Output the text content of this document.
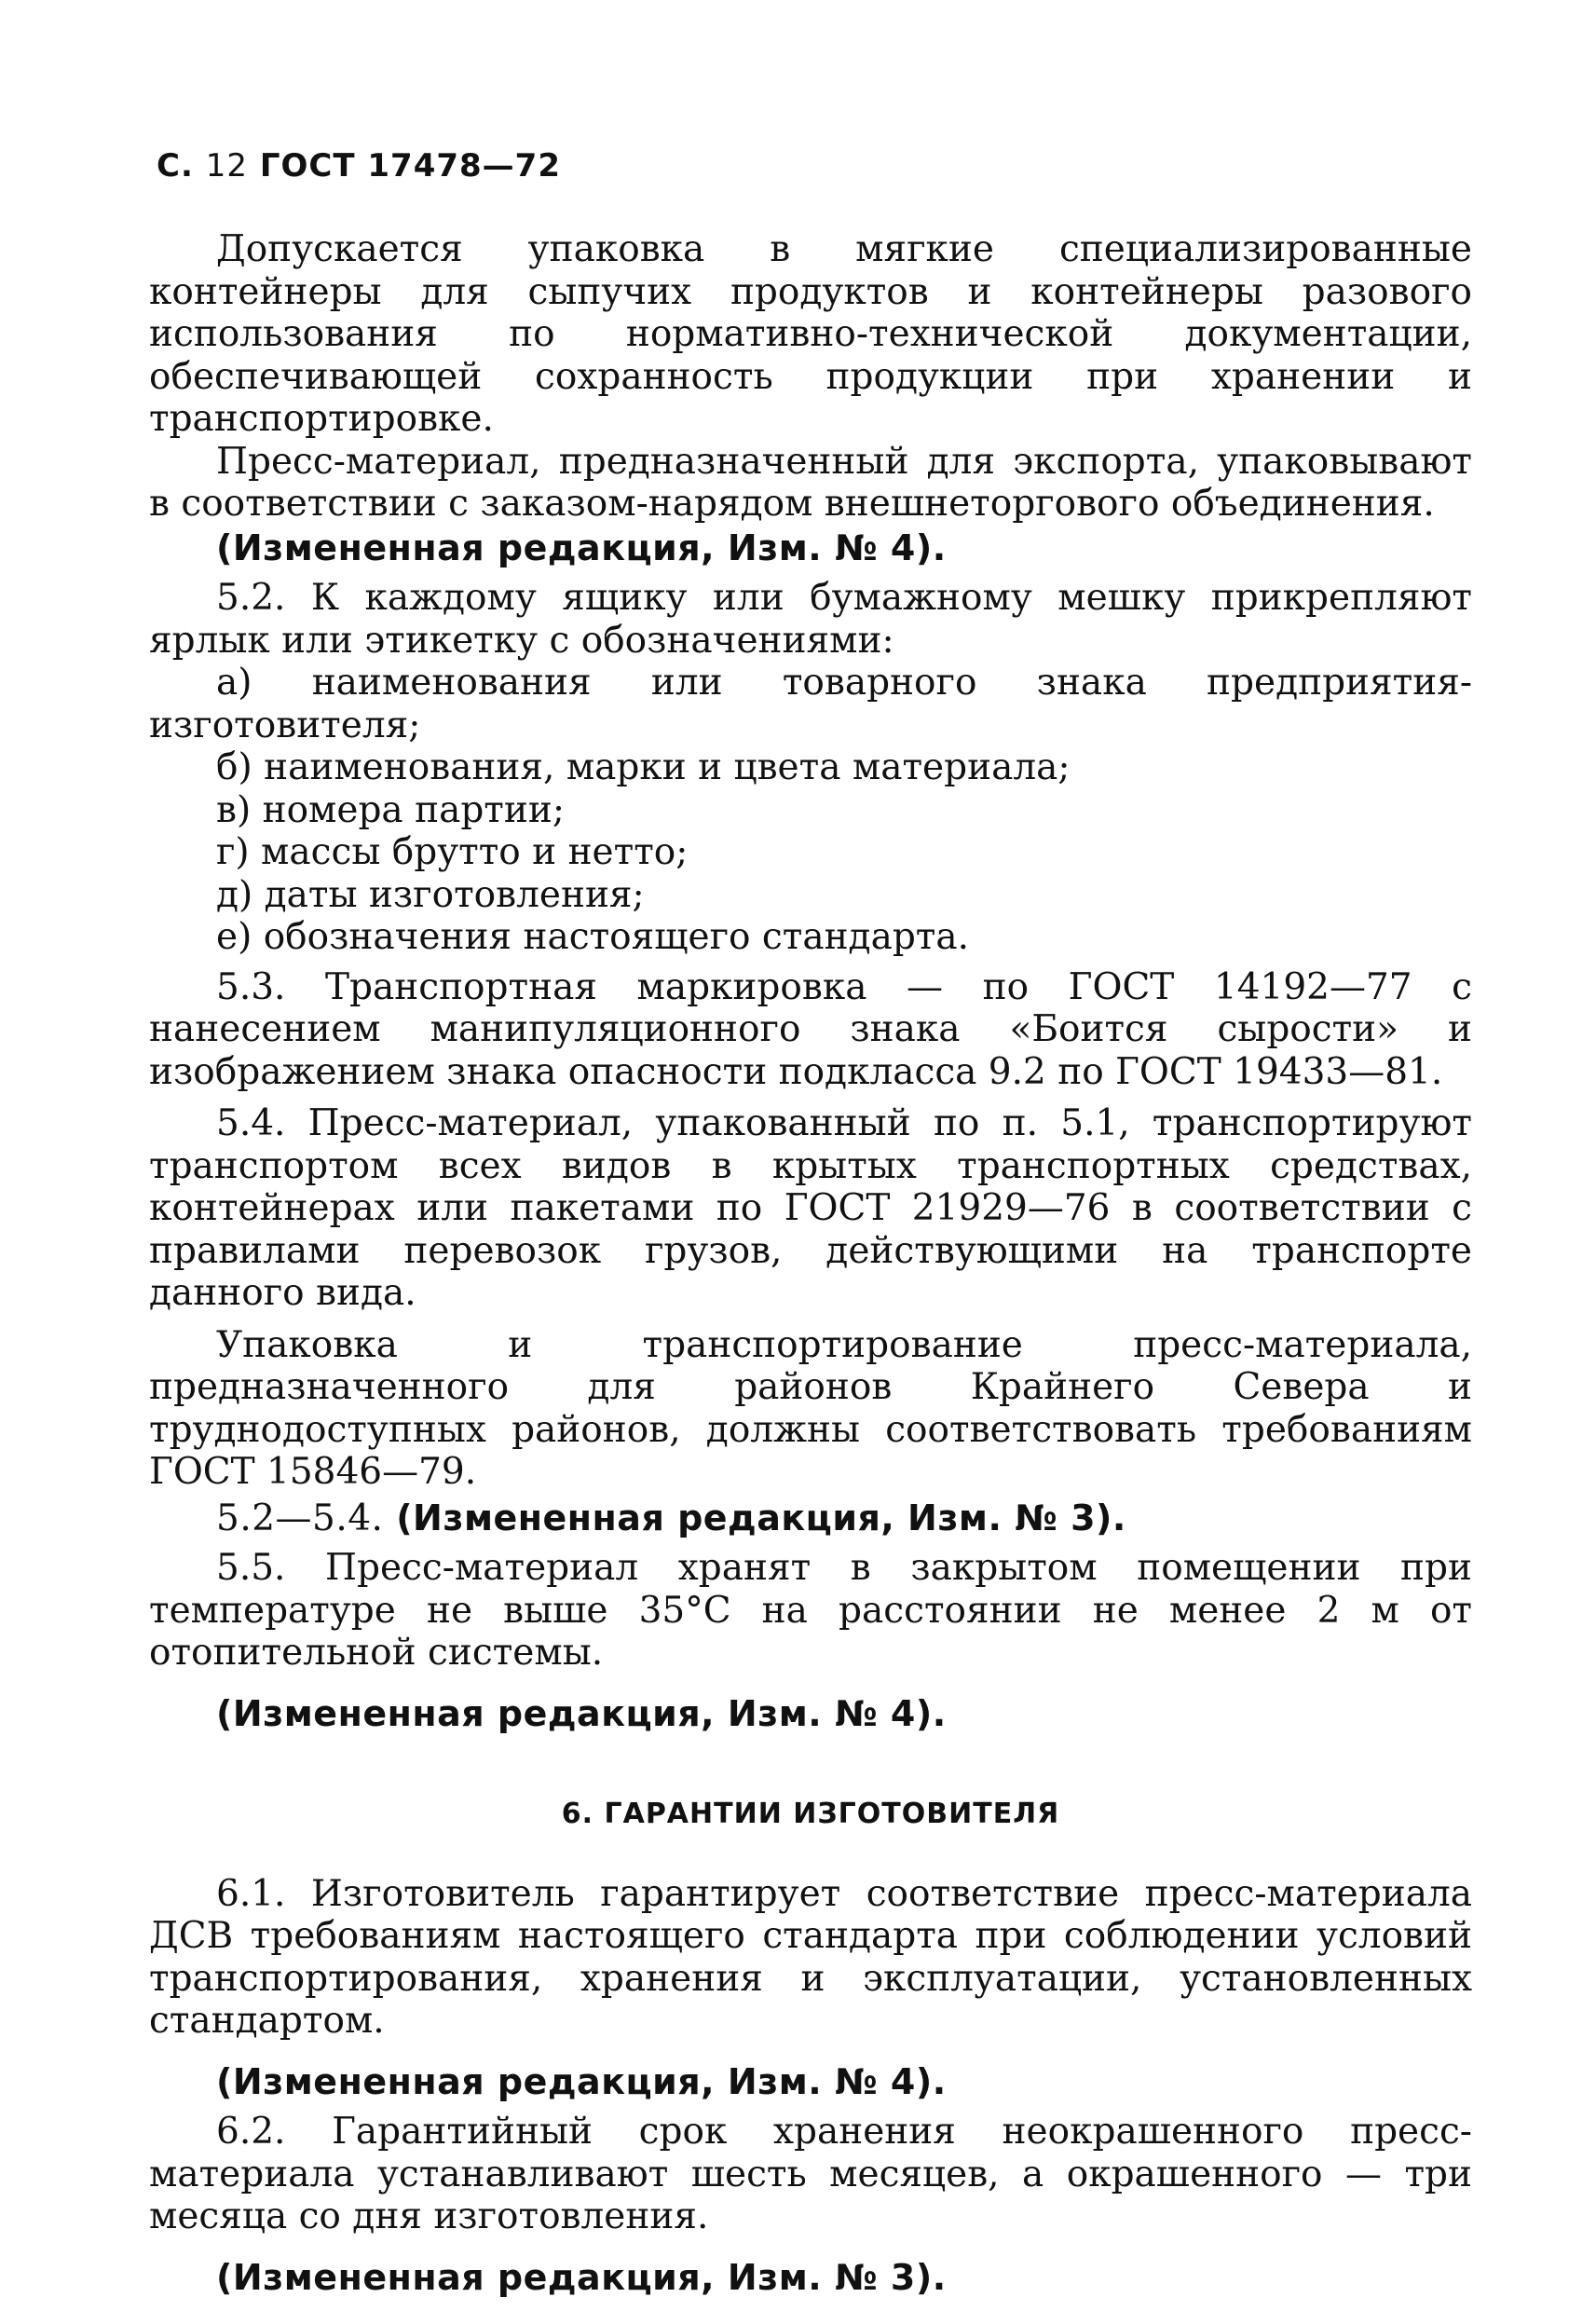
С. 12 ГОСТ 17478—72

Допускается упаковка в мягкие специализированные контейнеры для сыпучих продуктов и контейнеры разового использования по нормативно-технической документации, обеспечивающей сохранность продукции при хранении и транспортировке.

Пресс-материал, предназначенный для экспорта, упаковывают в соответствии с заказом-нарядом внешнеторгового объединения.

(Измененная редакция, Изм. № 4).

5.2. К каждому ящику или бумажному мешку прикрепляют ярлык или этикетку с обозначениями:

а) наименования или товарного знака предприятия-изготовителя;

б) наименования, марки и цвета материала;

в) номера партии;

г) массы брутто и нетто;

д) даты изготовления;

е) обозначения настоящего стандарта.

5.3. Транспортная маркировка — по ГОСТ 14192—77 с нанесением манипуляционного знака «Боится сырости» и изображением знака опасности подкласса 9.2 по ГОСТ 19433—81.

5.4. Пресс-материал, упакованный по п. 5.1, транспортируют транспортом всех видов в крытых транспортных средствах, контейнерах или пакетами по ГОСТ 21929—76 в соответствии с правилами перевозок грузов, действующими на транспорте данного вида.

Упаковка и транспортирование пресс-материала, предназначенного для районов Крайнего Севера и труднодоступных районов, должны соответствовать требованиям ГОСТ 15846—79.

5.2—5.4. (Измененная редакция, Изм. № 3).

5.5. Пресс-материал хранят в закрытом помещении при температуре не выше 35°С на расстоянии не менее 2 м от отопительной системы.

(Измененная редакция, Изм. № 4).

6. ГАРАНТИИ ИЗГОТОВИТЕЛЯ

6.1. Изготовитель гарантирует соответствие пресс-материала ДСВ требованиям настоящего стандарта при соблюдении условий транспортирования, хранения и эксплуатации, установленных стандартом.

(Измененная редакция, Изм. № 4).

6.2. Гарантийный срок хранения неокрашенного пресс-материала устанавливают шесть месяцев, а окрашенного — три месяца со дня изготовления.

(Измененная редакция, Изм. № 3).
